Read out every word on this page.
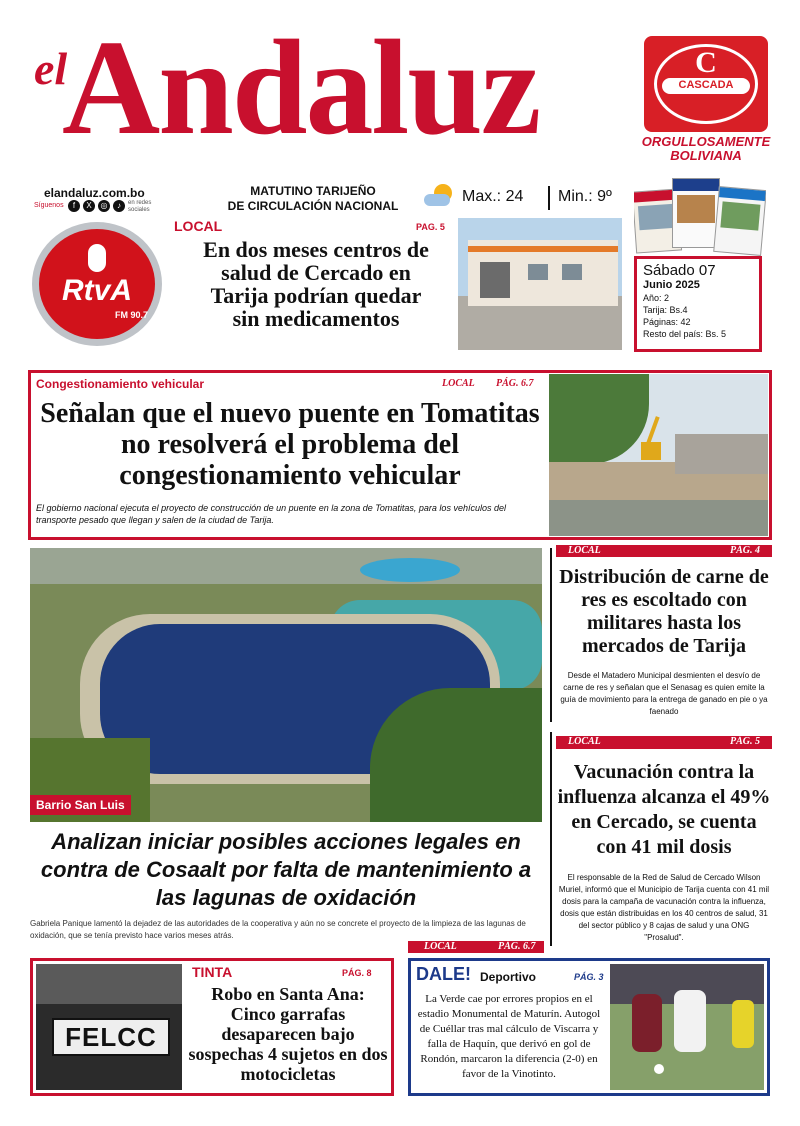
el
Andaluz	CASCADA
C
ORGULLOSAMENTE
BOLIVIANA
elandaluz.com.bo
Síguenos	f	X	◎	♪	en redes sociales
MATUTINO TARIJEÑO
DE CIRCULACIÓN NACIONAL
Max.: 24 Min.: 9º
RtvA
FM 90.7
LOCAL	PAG. 5
En dos meses centros de salud de Cercado en Tarija podrían quedar sin medicamentos
Sábado 07
Junio 2025
Año: 2
Tarija: Bs.4
Páginas: 42
Resto del país: Bs. 5
Congestionamiento vehicular	LOCAL PÁG. 6.7
Señalan que el nuevo puente en Tomatitas no resolverá el problema del congestionamiento vehicular
El gobierno nacional ejecuta el proyecto de construcción de un puente en la zona de Tomatitas, para los vehículos del transporte pesado que llegan y salen de la ciudad de Tarija.
Barrio San Luis
Analizan iniciar posibles acciones legales en contra de Cosaalt por falta de mantenimiento a las lagunas de oxidación
Gabriela Panique lamentó la dejadez de las autoridades de la cooperativa y aún no se concrete el proyecto de la limpieza de las lagunas de oxidación, que se tenía previsto hace varios meses atrás.
LOCAL	PÁG. 4
Distribución de carne de res es escoltado con militares hasta los mercados de Tarija
Desde el Matadero Municipal desmienten el desvío de carne de res y señalan que el Senasag es quien emite la guía de movimiento para la entrega de ganado en pie o ya faenado
LOCAL	PÁG. 5
Vacunación contra la influenza alcanza el 49% en Cercado, se cuenta con 41 mil dosis
El responsable de la Red de Salud de Cercado Wilson Muriel, informó que el Municipio de Tarija cuenta con 41 mil dosis para la campaña de vacunación contra la influenza, dosis que están distribuidas en los 40 centros de salud, 31 del sector público y 8 cajas de salud y una ONG "Prosalud".
LOCAL	PÁG. 6.7
FELCC
TINTA	PÁG. 8
Robo en Santa Ana: Cinco garrafas desaparecen bajo sospechas 4 sujetos en dos motocicletas
DALE! Deportivo	PÁG. 3
La Verde cae por errores propios en el estadio Monumental de Maturín. Autogol de Cuéllar tras mal cálculo de Viscarra y falla de Haquín, que derivó en gol de Rondón, marcaron la diferencia (2-0) en favor de la Vinotinto.
